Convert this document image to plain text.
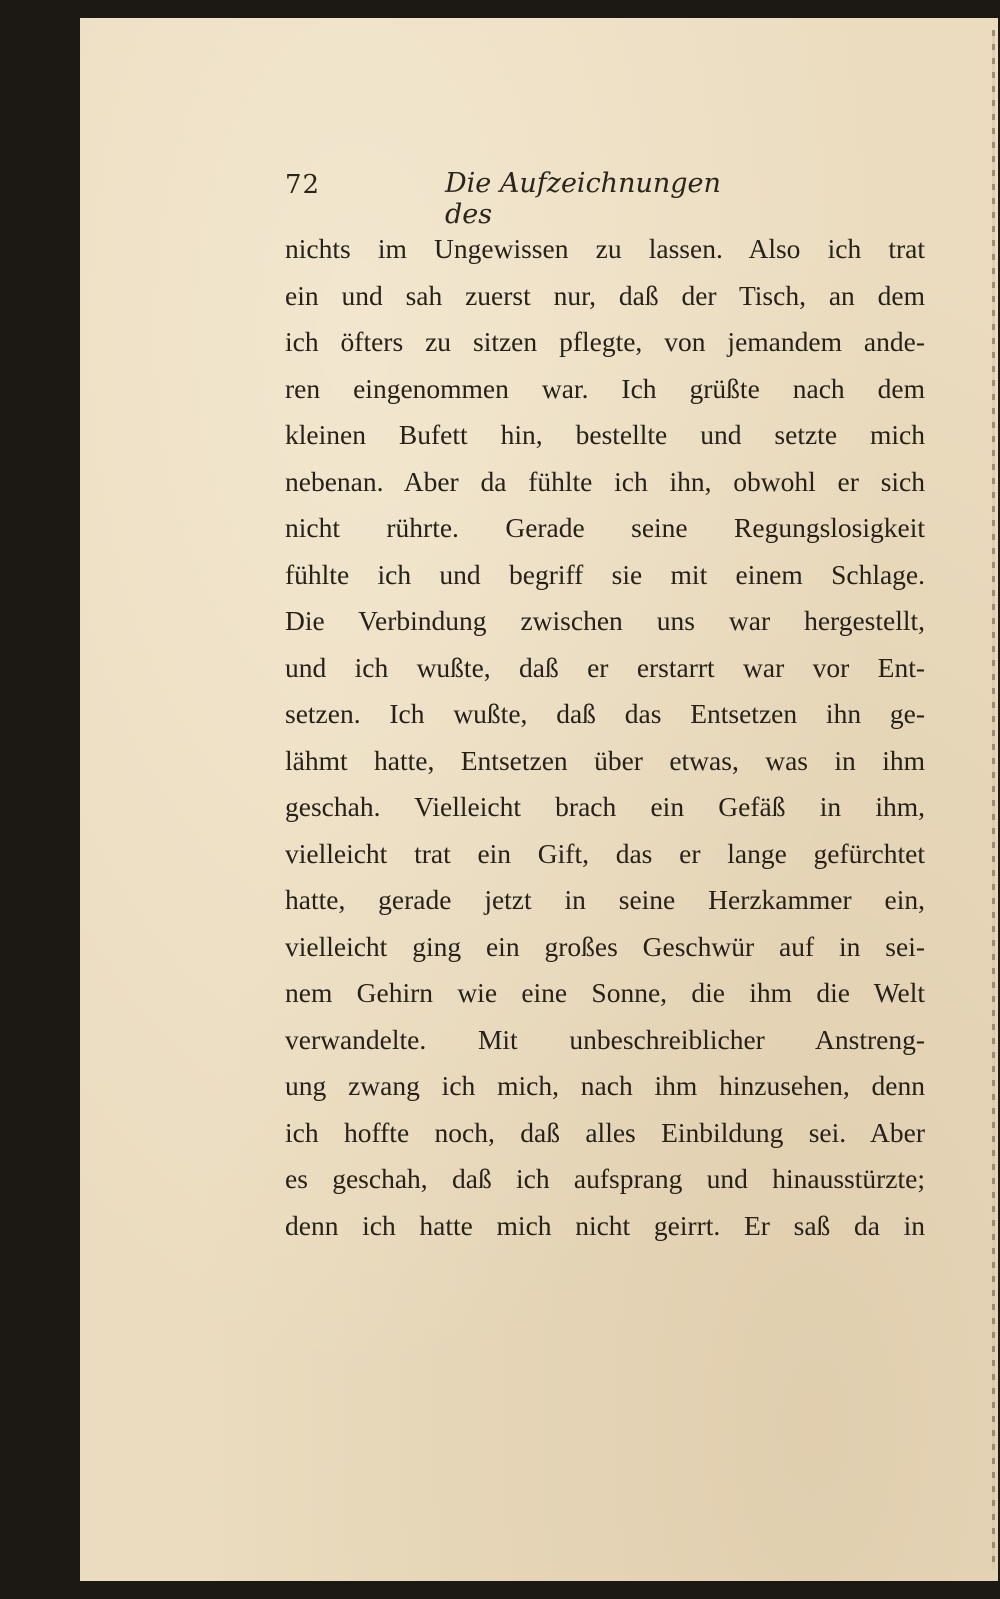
72	Die Aufzeichnungen des
nichts im Ungewissen zu lassen. Also ich trat
ein und sah zuerst nur, daß der Tisch, an dem
ich öfters zu sitzen pflegte, von jemandem ande-
ren eingenommen war. Ich grüßte nach dem
kleinen Bufett hin, bestellte und setzte mich
nebenan. Aber da fühlte ich ihn, obwohl er sich
nicht rührte. Gerade seine Regungslosigkeit
fühlte ich und begriff sie mit einem Schlage.
Die Verbindung zwischen uns war hergestellt,
und ich wußte, daß er erstarrt war vor Ent-
setzen. Ich wußte, daß das Entsetzen ihn ge-
lähmt hatte, Entsetzen über etwas, was in ihm
geschah. Vielleicht brach ein Gefäß in ihm,
vielleicht trat ein Gift, das er lange gefürchtet
hatte, gerade jetzt in seine Herzkammer ein,
vielleicht ging ein großes Geschwür auf in sei-
nem Gehirn wie eine Sonne, die ihm die Welt
verwandelte. Mit unbeschreiblicher Anstreng-
ung zwang ich mich, nach ihm hinzusehen, denn
ich hoffte noch, daß alles Einbildung sei. Aber
es geschah, daß ich aufsprang und hinausstürzte;
denn ich hatte mich nicht geirrt. Er saß da in
